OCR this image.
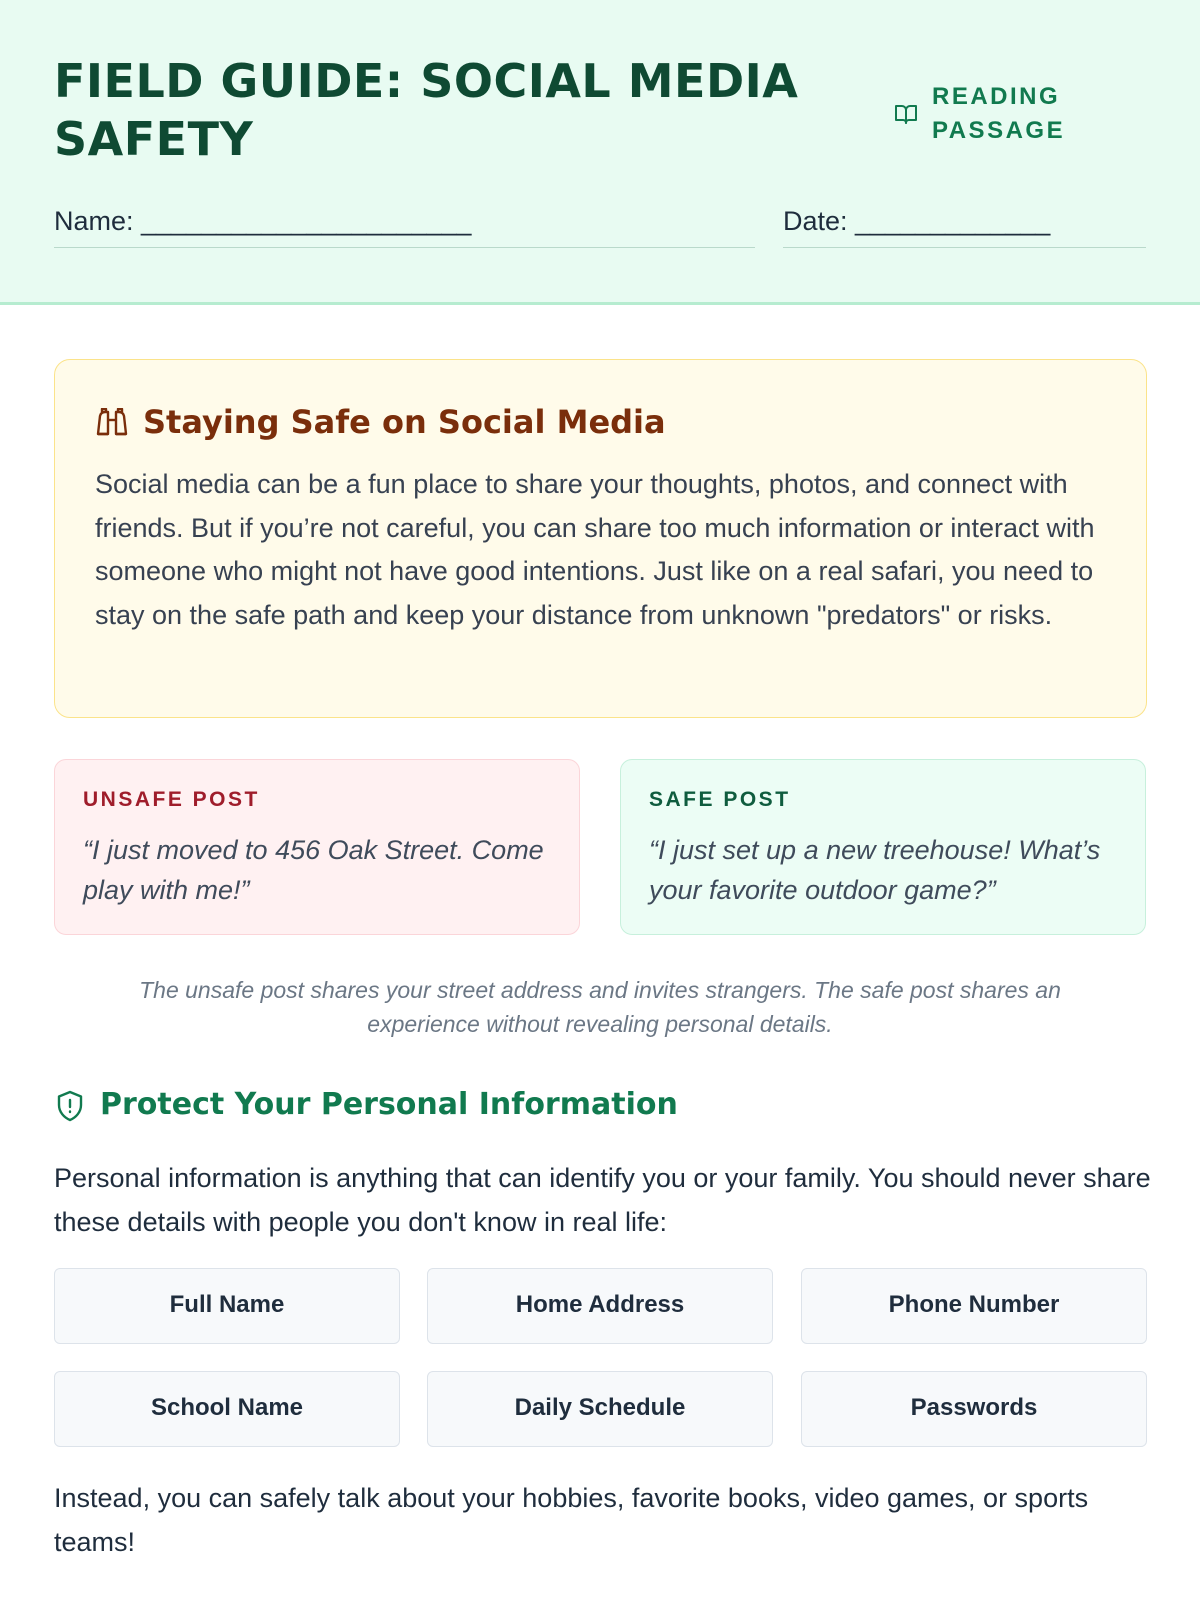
FIELD GUIDE: SOCIAL MEDIA SAFETY
READING
PASSAGE
Name: ______________________	Date: _____________
Staying Safe on Social Media

Social media can be a fun place to share your thoughts, photos, and connect with friends. But if you’re not careful, you can share too much information or interact with someone who might not have good intentions. Just like on a real safari, you need to stay on the safe path and keep your distance from unknown "predators" or risks.

UNSAFE POST
“I just moved to 456 Oak Street. Come play with me!”
SAFE POST
“I just set up a new treehouse! What’s your favorite outdoor game?”

The unsafe post shares your street address and invites strangers. The safe post shares an experience without revealing personal details.

Protect Your Personal Information

Personal information is anything that can identify you or your family. You should never share these details with people you don't know in real life:

Full Name	Home Address	Phone Number
School Name	Daily Schedule	Passwords

Instead, you can safely talk about your hobbies, favorite books, video games, or sports teams!
